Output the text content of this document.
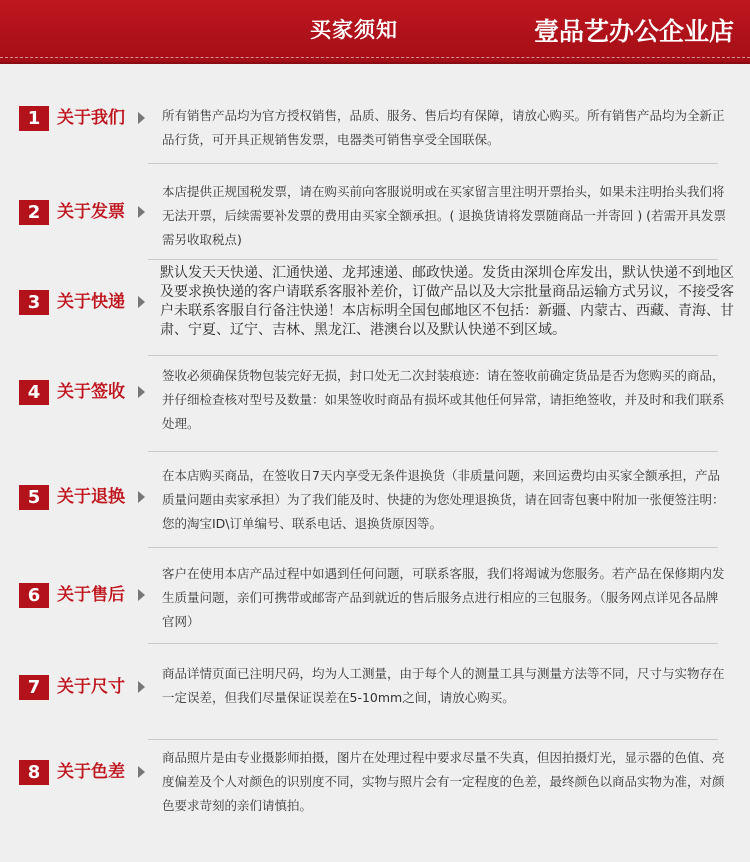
买家须知	壹品艺办公企业店
1 关于我们	所有销售产品均为官方授权销售，品质、服务、售后均有保障，请放心购买。所有销售产品均为全新正品行货，可开具正规销售发票，电器类可销售享受全国联保。
2 关于发票
本店提供正规国税发票，请在购买前向客服说明或在买家留言里注明开票抬头，如果未注明抬头我们将无法开票，后续需要补发票的费用由买家全额承担。( 退换货请将发票随商品一并寄回 ) (若需开具发票需另收取税点)
3 关于快递
默认发天天快递、汇通快递、龙邦速递、邮政快递。发货由深圳仓库发出，默认快递不到地区及要求换快递的客户请联系客服补差价，订做产品以及大宗批量商品运输方式另议，不接受客户未联系客服自行备注快递！本店标明全国包邮地区不包括：新疆、内蒙古、西藏、青海、甘肃、宁夏、辽宁、吉林、黑龙江、港澳台以及默认快递不到区域。
4 关于签收
签收必须确保货物包装完好无损，封口处无二次封装痕迹：请在签收前确定货品是否为您购买的商品，并仔细检查核对型号及数量：如果签收时商品有损坏或其他任何异常，请拒绝签收，并及时和我们联系处理。
5 关于退换
在本店购买商品，在签收日7天内享受无条件退换货（非质量问题，来回运费均由买家全额承担，产品质量问题由卖家承担）为了我们能及时、快捷的为您处理退换货，请在回寄包裹中附加一张便签注明：您的淘宝ID\订单编号、联系电话、退换货原因等。
6 关于售后
客户在使用本店产品过程中如遇到任何问题，可联系客服，我们将竭诚为您服务。若产品在保修期内发生质量问题，亲们可携带或邮寄产品到就近的售后服务点进行相应的三包服务。（服务网点详见各品牌官网）
7 关于尺寸
商品详情页面已注明尺码，均为人工测量，由于每个人的测量工具与测量方法等不同，尺寸与实物存在一定误差，但我们尽量保证误差在5-10mm之间，请放心购买。
8 关于色差
商品照片是由专业摄影师拍摄，图片在处理过程中要求尽量不失真，但因拍摄灯光，显示器的色值、亮度偏差及个人对颜色的识别度不同，实物与照片会有一定程度的色差，最终颜色以商品实物为准，对颜色要求苛刻的亲们请慎拍。
